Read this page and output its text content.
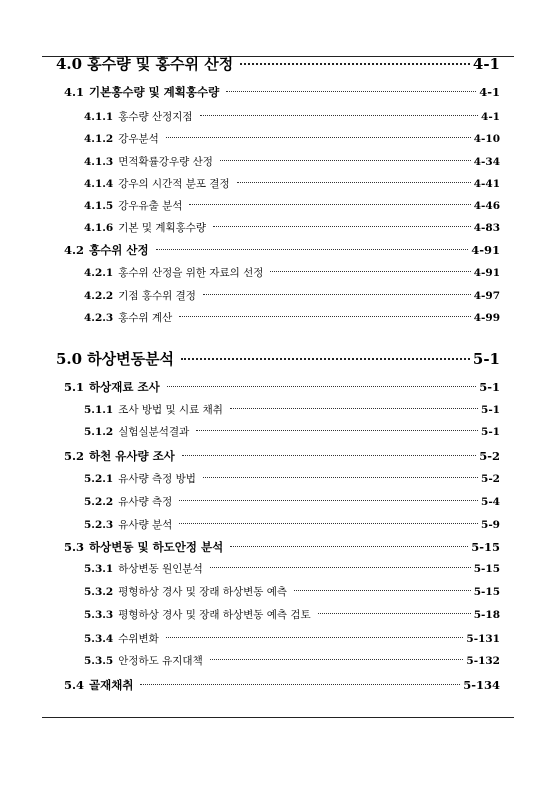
4.0 홍수량 및 홍수위 산정	4-1
4.1 기본홍수량 및 계획홍수량	4-1
4.1.1 홍수량 산정지점	4-1
4.1.2 강우분석	4-10
4.1.3 면적확률강우량 산정	4-34
4.1.4 강우의 시간적 분포 결정	4-41
4.1.5 강우유출 분석	4-46
4.1.6 기본 및 계획홍수량	4-83
4.2 홍수위 산정	4-91
4.2.1 홍수위 산정을 위한 자료의 선정	4-91
4.2.2 기점 홍수위 결정	4-97
4.2.3 홍수위 계산	4-99
5.0 하상변동분석	5-1
5.1 하상재료 조사	5-1
5.1.1 조사 방법 및 시료 채취	5-1
5.1.2 실험실분석결과	5-1
5.2 하천 유사량 조사	5-2
5.2.1 유사량 측정 방법	5-2
5.2.2 유사량 측정	5-4
5.2.3 유사량 분석	5-9
5.3 하상변동 및 하도안정 분석	5-15
5.3.1 하상변동 원인분석	5-15
5.3.2 평형하상 경사 및 장래 하상변동 예측	5-15
5.3.3 평형하상 경사 및 장래 하상변동 예측 검토	5-18
5.3.4 수위변화	5-131
5.3.5 안정하도 유지대책	5-132
5.4 골재채취	5-134
